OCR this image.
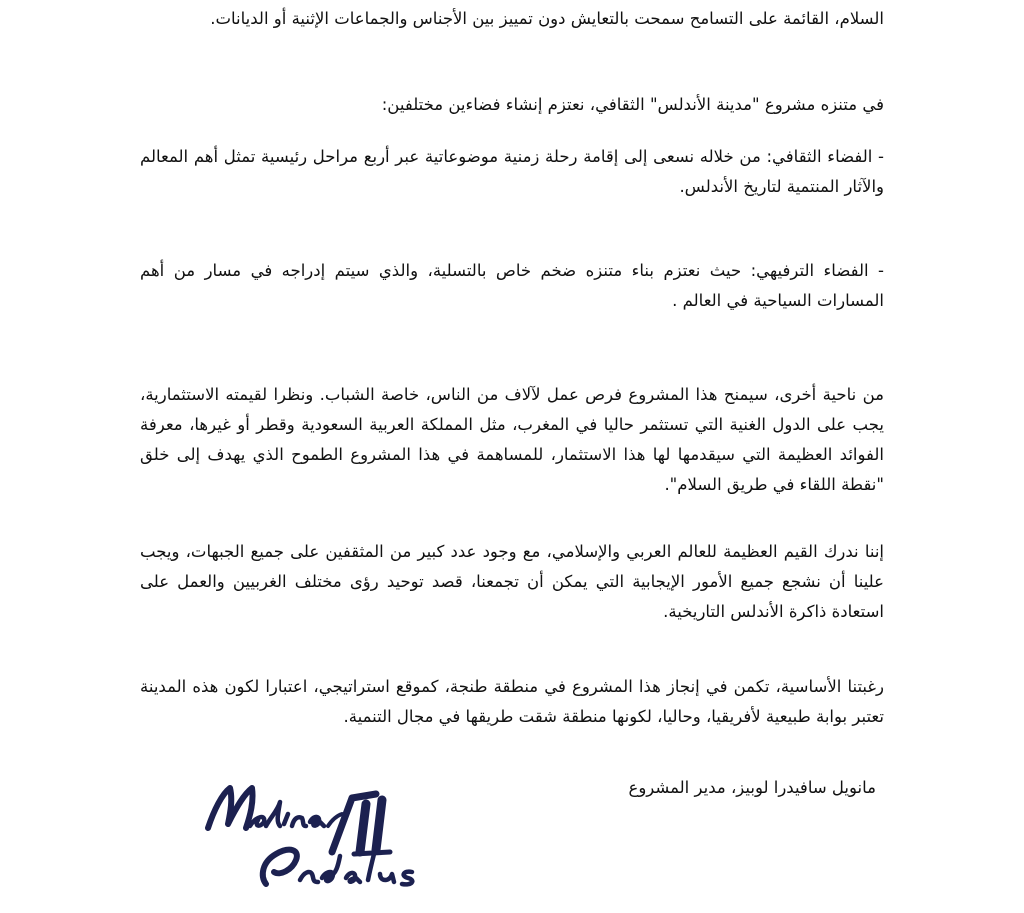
السلام، القائمة على التسامح سمحت بالتعايش دون تمييز بين الأجناس والجماعات الإثنية أو الديانات.

في متنزه مشروع "مدينة الأندلس" الثقافي، نعتزم إنشاء فضاءين مختلفين:

- الفضاء الثقافي: من خلاله نسعى إلى إقامة رحلة زمنية موضوعاتية عبر أربع مراحل رئيسية تمثل أهم المعالم والآثار المنتمية لتاريخ الأندلس.

- الفضاء الترفيهي: حيث نعتزم بناء متنزه ضخم خاص بالتسلية، والذي سيتم إدراجه في مسار من أهم المسارات السياحية في العالم .

من ناحية أخرى، سيمنح هذا المشروع فرص عمل لآلاف من الناس، خاصة الشباب. ونظرا لقيمته الاستثمارية، يجب على الدول الغنية التي تستثمر حاليا في المغرب، مثل المملكة العربية السعودية وقطر أو غيرها، معرفة الفوائد العظيمة التي سيقدمها لها هذا الاستثمار، للمساهمة في هذا المشروع الطموح الذي يهدف إلى خلق "نقطة اللقاء في طريق السلام".

إننا ندرك القيم العظيمة للعالم العربي والإسلامي، مع وجود عدد كبير من المثقفين على جميع الجبهات، ويجب علينا أن نشجع جميع الأمور الإيجابية التي يمكن أن تجمعنا، قصد توحيد رؤى مختلف الغربيين والعمل على استعادة ذاكرة الأندلس التاريخية.

رغبتنا الأساسية، تكمن في إنجاز هذا المشروع في منطقة طنجة، كموقع استراتيجي، اعتبارا لكون هذه المدينة تعتبر بوابة طبيعية لأفريقيا، وحاليا، لكونها منطقة شقت طريقها في مجال التنمية.

مانويل سافيدرا لوبيز، مدير المشروع
